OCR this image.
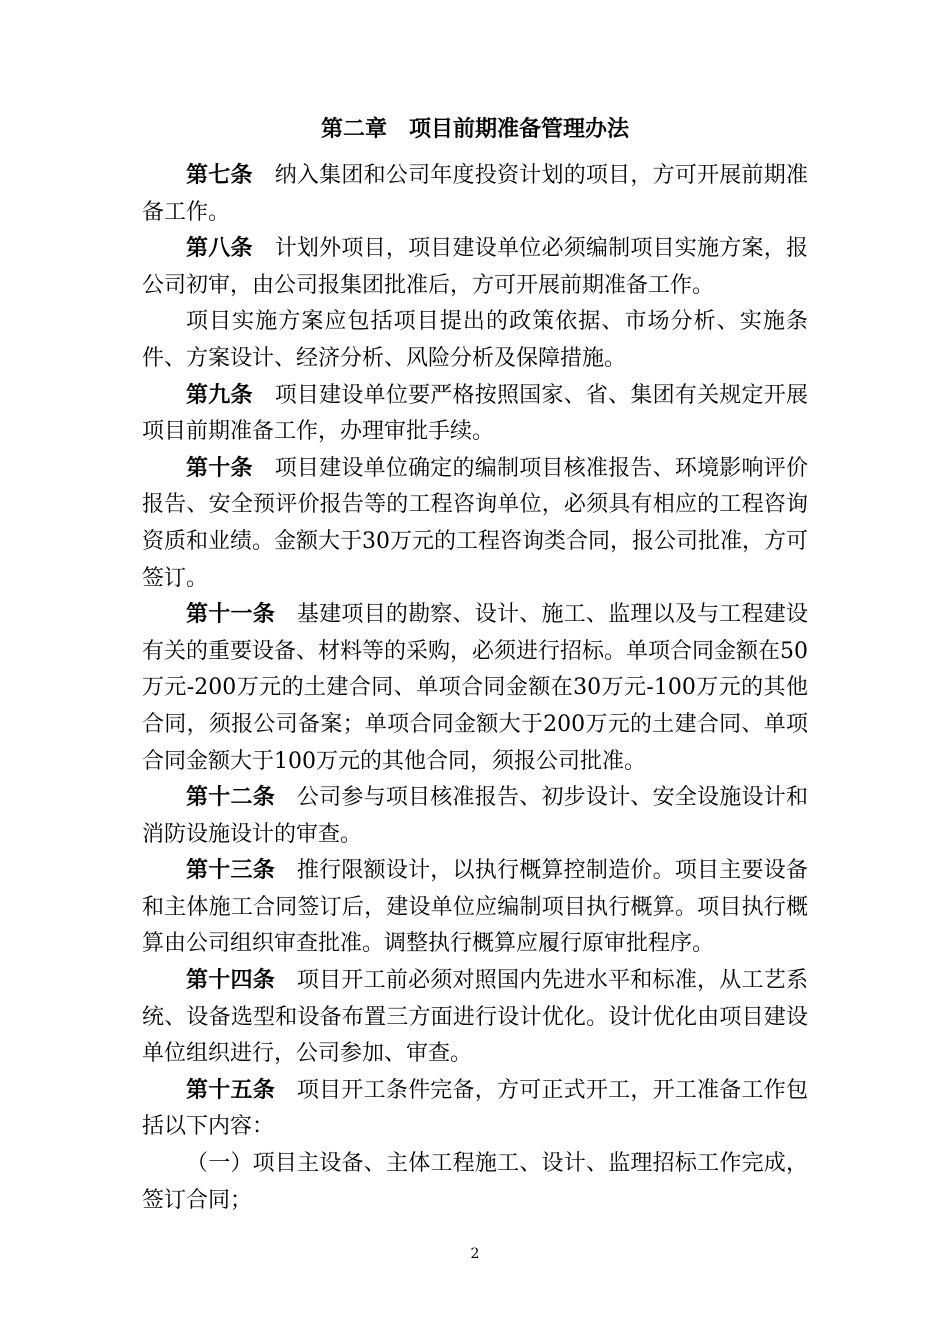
第二章　项目前期准备管理办法

第七条 纳入集团和公司年度投资计划的项目，方可开展前期准备工作。

第八条 计划外项目，项目建设单位必须编制项目实施方案，报公司初审，由公司报集团批准后，方可开展前期准备工作。

项目实施方案应包括项目提出的政策依据、市场分析、实施条件、方案设计、经济分析、风险分析及保障措施。

第九条 项目建设单位要严格按照国家、省、集团有关规定开展项目前期准备工作，办理审批手续。

第十条 项目建设单位确定的编制项目核准报告、环境影响评价报告、安全预评价报告等的工程咨询单位，必须具有相应的工程咨询资质和业绩。金额大于30万元的工程咨询类合同，报公司批准，方可签订。

第十一条 基建项目的勘察、设计、施工、监理以及与工程建设有关的重要设备、材料等的采购，必须进行招标。单项合同金额在50万元-200万元的土建合同、单项合同金额在30万元-100万元的其他合同，须报公司备案；单项合同金额大于200万元的土建合同、单项合同金额大于100万元的其他合同，须报公司批准。

第十二条 公司参与项目核准报告、初步设计、安全设施设计和消防设施设计的审查。

第十三条 推行限额设计，以执行概算控制造价。项目主要设备和主体施工合同签订后，建设单位应编制项目执行概算。项目执行概算由公司组织审查批准。调整执行概算应履行原审批程序。

第十四条 项目开工前必须对照国内先进水平和标准，从工艺系统、设备选型和设备布置三方面进行设计优化。设计优化由项目建设单位组织进行，公司参加、审查。

第十五条 项目开工条件完备，方可正式开工，开工准备工作包括以下内容：

（一）项目主设备、主体工程施工、设计、监理招标工作完成，签订合同；

2
